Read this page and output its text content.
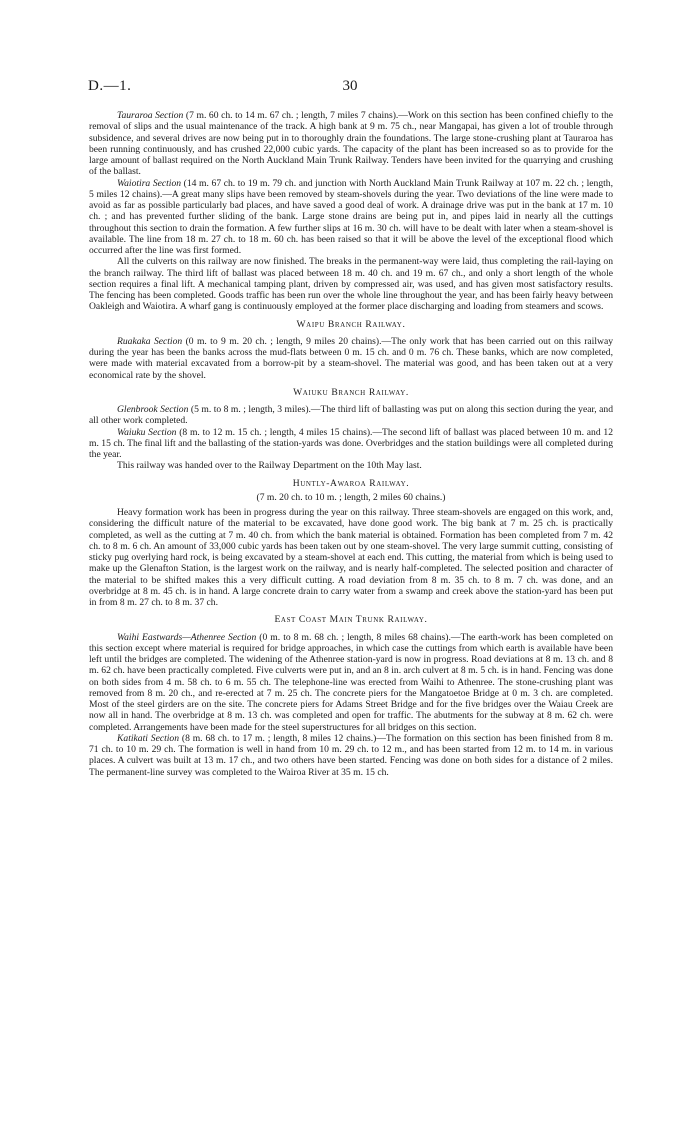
D.—1.	30

Tauraroa Section (7 m. 60 ch. to 14 m. 67 ch. ; length, 7 miles 7 chains).—Work on this section has been confined chiefly to the removal of slips and the usual maintenance of the track. A high bank at 9 m. 75 ch., near Mangapai, has given a lot of trouble through subsidence, and several drives are now being put in to thoroughly drain the foundations. The large stone-crushing plant at Tauraroa has been running continuously, and has crushed 22,000 cubic yards. The capacity of the plant has been increased so as to provide for the large amount of ballast required on the North Auckland Main Trunk Railway. Tenders have been invited for the quarrying and crushing of the ballast.

Waiotira Section (14 m. 67 ch. to 19 m. 79 ch. and junction with North Auckland Main Trunk Railway at 107 m. 22 ch. ; length, 5 miles 12 chains).—A great many slips have been removed by steam-shovels during the year. Two deviations of the line were made to avoid as far as possible particularly bad places, and have saved a good deal of work. A drainage drive was put in the bank at 17 m. 10 ch. ; and has prevented further sliding of the bank. Large stone drains are being put in, and pipes laid in nearly all the cuttings throughout this section to drain the formation. A few further slips at 16 m. 30 ch. will have to be dealt with later when a steam-shovel is available. The line from 18 m. 27 ch. to 18 m. 60 ch. has been raised so that it will be above the level of the exceptional flood which occurred after the line was first formed.

All the culverts on this railway are now finished. The breaks in the permanent-way were laid, thus completing the rail-laying on the branch railway. The third lift of ballast was placed between 18 m. 40 ch. and 19 m. 67 ch., and only a short length of the whole section requires a final lift. A mechanical tamping plant, driven by compressed air, was used, and has given most satisfactory results. The fencing has been completed. Goods traffic has been run over the whole line throughout the year, and has been fairly heavy between Oakleigh and Waiotira. A wharf gang is continuously employed at the former place discharging and loading from steamers and scows.

Waipu Branch Railway.

Ruakaka Section (0 m. to 9 m. 20 ch. ; length, 9 miles 20 chains).—The only work that has been carried out on this railway during the year has been the banks across the mud-flats between 0 m. 15 ch. and 0 m. 76 ch. These banks, which are now completed, were made with material excavated from a borrow-pit by a steam-shovel. The material was good, and has been taken out at a very economical rate by the shovel.

Waiuku Branch Railway.

Glenbrook Section (5 m. to 8 m. ; length, 3 miles).—The third lift of ballasting was put on along this section during the year, and all other work completed.

Waiuku Section (8 m. to 12 m. 15 ch. ; length, 4 miles 15 chains).—The second lift of ballast was placed between 10 m. and 12 m. 15 ch. The final lift and the ballasting of the station-yards was done. Overbridges and the station buildings were all completed during the year.

This railway was handed over to the Railway Department on the 10th May last.

Huntly-Awaroa Railway.

(7 m. 20 ch. to 10 m. ; length, 2 miles 60 chains.)

Heavy formation work has been in progress during the year on this railway. Three steam-shovels are engaged on this work, and, considering the difficult nature of the material to be excavated, have done good work. The big bank at 7 m. 25 ch. is practically completed, as well as the cutting at 7 m. 40 ch. from which the bank material is obtained. Formation has been completed from 7 m. 42 ch. to 8 m. 6 ch. An amount of 33,000 cubic yards has been taken out by one steam-shovel. The very large summit cutting, consisting of sticky pug overlying hard rock, is being excavated by a steam-shovel at each end. This cutting, the material from which is being used to make up the Glenafton Station, is the largest work on the railway, and is nearly half-completed. The selected position and character of the material to be shifted makes this a very difficult cutting. A road deviation from 8 m. 35 ch. to 8 m. 7 ch. was done, and an overbridge at 8 m. 45 ch. is in hand. A large concrete drain to carry water from a swamp and creek above the station-yard has been put in from 8 m. 27 ch. to 8 m. 37 ch.

East Coast Main Trunk Railway.

Waihi Eastwards—Athenree Section (0 m. to 8 m. 68 ch. ; length, 8 miles 68 chains).—The earth-work has been completed on this section except where material is required for bridge approaches, in which case the cuttings from which earth is available have been left until the bridges are completed. The widening of the Athenree station-yard is now in progress. Road deviations at 8 m. 13 ch. and 8 m. 62 ch. have been practically completed. Five culverts were put in, and an 8 in. arch culvert at 8 m. 5 ch. is in hand. Fencing was done on both sides from 4 m. 58 ch. to 6 m. 55 ch. The telephone-line was erected from Waihi to Athenree. The stone-crushing plant was removed from 8 m. 20 ch., and re-erected at 7 m. 25 ch. The concrete piers for the Mangatoetoe Bridge at 0 m. 3 ch. are completed. Most of the steel girders are on the site. The concrete piers for Adams Street Bridge and for the five bridges over the Waiau Creek are now all in hand. The overbridge at 8 m. 13 ch. was completed and open for traffic. The abutments for the subway at 8 m. 62 ch. were completed. Arrangements have been made for the steel superstructures for all bridges on this section.

Katikati Section (8 m. 68 ch. to 17 m. ; length, 8 miles 12 chains.)—The formation on this section has been finished from 8 m. 71 ch. to 10 m. 29 ch. The formation is well in hand from 10 m. 29 ch. to 12 m., and has been started from 12 m. to 14 m. in various places. A culvert was built at 13 m. 17 ch., and two others have been started. Fencing was done on both sides for a distance of 2 miles. The permanent-line survey was completed to the Wairoa River at 35 m. 15 ch.
